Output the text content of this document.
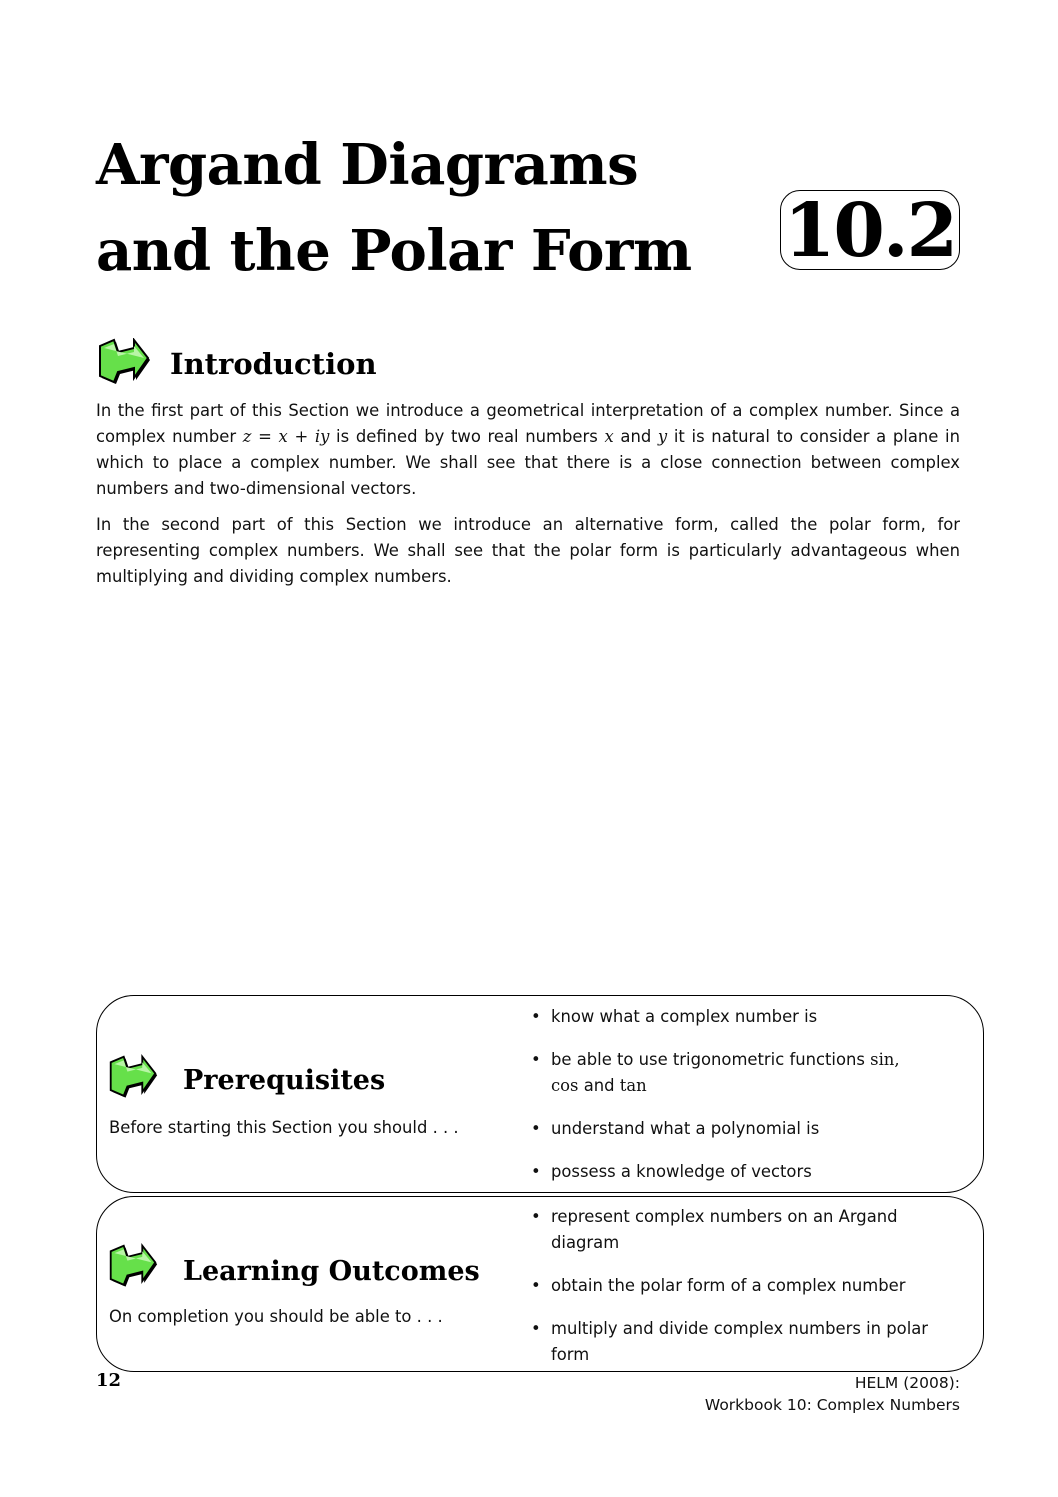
Argand Diagrams
and the Polar Form 10.2
Introduction

In the first part of this Section we introduce a geometrical interpretation of a complex number. Since a complex number z = x + iy is defined by two real numbers x and y it is natural to consider a plane in which to place a complex number. We shall see that there is a close connection between complex numbers and two-dimensional vectors.

In the second part of this Section we introduce an alternative form, called the polar form, for representing complex numbers. We shall see that the polar form is particularly advantageous when multiplying and dividing complex numbers.

Prerequisites

Before starting this Section you should . . .

• know what a complex number is
• be able to use trigonometric functions sin,
cos and tan
• understand what a polynomial is
• possess a knowledge of vectors
Learning Outcomes

On completion you should be able to . . .

• represent complex numbers on an Argand diagram
• obtain the polar form of a complex number
• multiply and divide complex numbers in polar form

12	HELM (2008):
Workbook 10: Complex Numbers
